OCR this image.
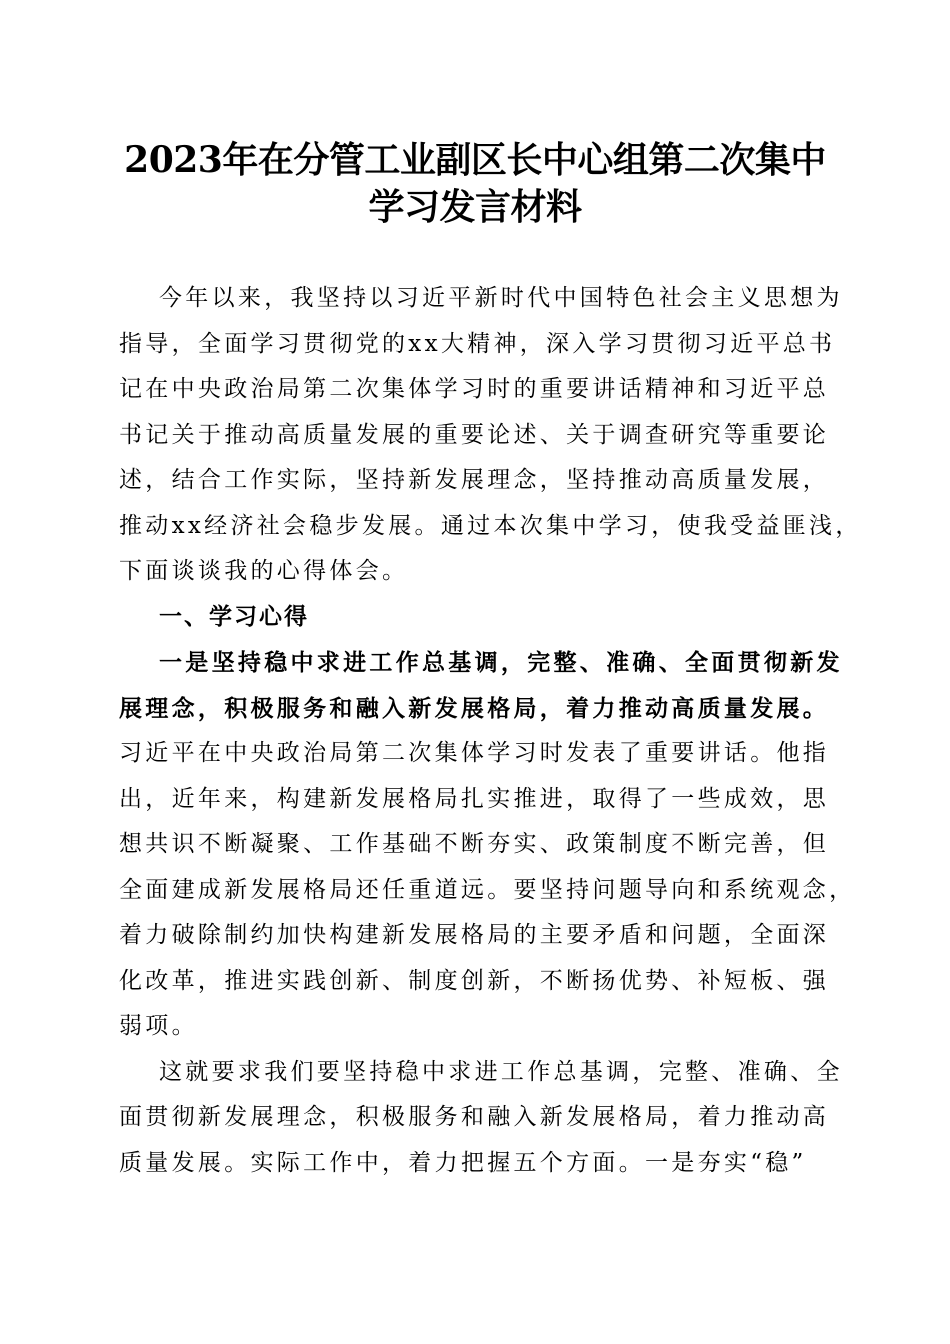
2023年在分管工业副区长中心组第二次集中
学习发言材料
今年以来，我坚持以习近平新时代中国特色社会主义思想为
指导，全面学习贯彻党的xx大精神，深入学习贯彻习近平总书
记在中央政治局第二次集体学习时的重要讲话精神和习近平总
书记关于推动高质量发展的重要论述、关于调查研究等重要论
述，结合工作实际，坚持新发展理念，坚持推动高质量发展，
推动xx经济社会稳步发展。通过本次集中学习，使我受益匪浅，
下面谈谈我的心得体会。
一、学习心得
一是坚持稳中求进工作总基调，完整、准确、全面贯彻新发
展理念，积极服务和融入新发展格局，着力推动高质量发展。
习近平在中央政治局第二次集体学习时发表了重要讲话。他指
出，近年来，构建新发展格局扎实推进，取得了一些成效，思
想共识不断凝聚、工作基础不断夯实、政策制度不断完善，但
全面建成新发展格局还任重道远。要坚持问题导向和系统观念，
着力破除制约加快构建新发展格局的主要矛盾和问题，全面深
化改革，推进实践创新、制度创新，不断扬优势、补短板、强
弱项。
这就要求我们要坚持稳中求进工作总基调，完整、准确、全
面贯彻新发展理念，积极服务和融入新发展格局，着力推动高
质量发展。实际工作中，着力把握五个方面。一是夯实“稳”
